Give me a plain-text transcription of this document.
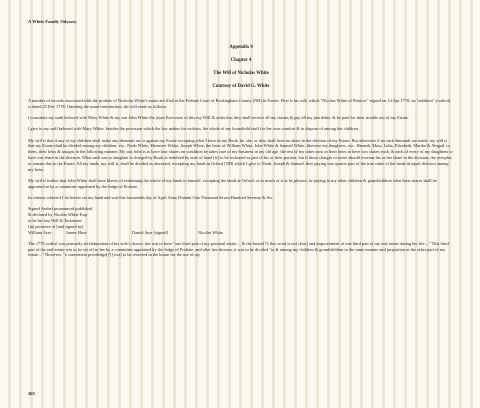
A White Family Odyssey
Appendix 4
Chapter 4
The Will of Nicholas White
Courtesy of David G. White

A number of records associated with the probate of Nicholas White's estate are filed at the Probate Court of Rockingham County (NH) in Exeter. First is his will, which "Nicolas White of Plastow" signed on 14 Apr 1770; an "addition" (codicil) is dated 25 Dec 1778. Omitting the usual introduction, the will reads as follows:

I constitute my saith beloved wife Mary White & my son John White the joynt Executors of this my Will & order that they shall receive all my claims & pay all my just debts. & be paid for their trouble out of my Estate.

I give to my well beloved wife Mary White, besides the provision which the law makes for widows, the whole of my household stuff for her own comfort & to dispose of among her children.

My will is that if any of my children shall make any demands on or against my Estate excepting what I have in my Book, he, she, or they shall have no share in the division of my Estate. But otherwise if no such demands are made, my will is that my Estate shall be divided among my children: viz., Noah White, Ebenezer White, Joseph White, the heirs of William White, John White & Samuel White; likewise my daughters, viz., Hannah, Mary, Lidia, Elizabeth, Martha & Abigail, to them, their heirs & assigns in the following manner. My son John is to have four shares on condition he takes care of my business in my old age, the rest of my other sons or their heirs to have two shares each, & each of every of my daughters to have one share in the division. What each son or daughter is charged by Book or indebted by note of hand [is] to be reckoned as part of his or their portion, but if those charges or notes should overrun his or her share in the division, the overplus to remain due to the Estate. All my lands, my will is, shall be divided as aforesaid, excepting my lands in Orford [NH] which I give to Noah, Joseph & Samuel, they paying one quarter part of the true value of the lands in equal division among my heirs.

My will is further that John White shall have liberty of redeeming the whole of my lands to himself, excepting the lands at Orford, or as much of it as he pleases, he paying to my other children & grandchildren what their shares shall be appraised at by a committee appointed by the Judge of Probate.

In witness whereof I do hereto set my hand and seal this fourteenth day of April Anno Domini One Thousand Seven Hundred Seventy & Six.

Signed Sealed pronounced published
& declared by Nicolas White Esqr
to be his last Will & Testament
[in] presence of [and signed by]
William Ayer	James Huse	Daniel Ayer [signed]	Nicolas White

The 1778 codicil was primarily an elaboration of his wife's dower; she was to have "one third part of my personal estate ... & the house[?]; this word is not clear] and improvement of one third part of my real estate during her life...." This third part of the real estate was to be set off to her by a committee appointed by the Judge of Probate, and after her decease, it was to be divided "to & among my children & grandchildren in the same manner and proportion as the other part of my estate...." However, "a convenient privaledge[?] [was] to be reserved in the house for the use of my

265
